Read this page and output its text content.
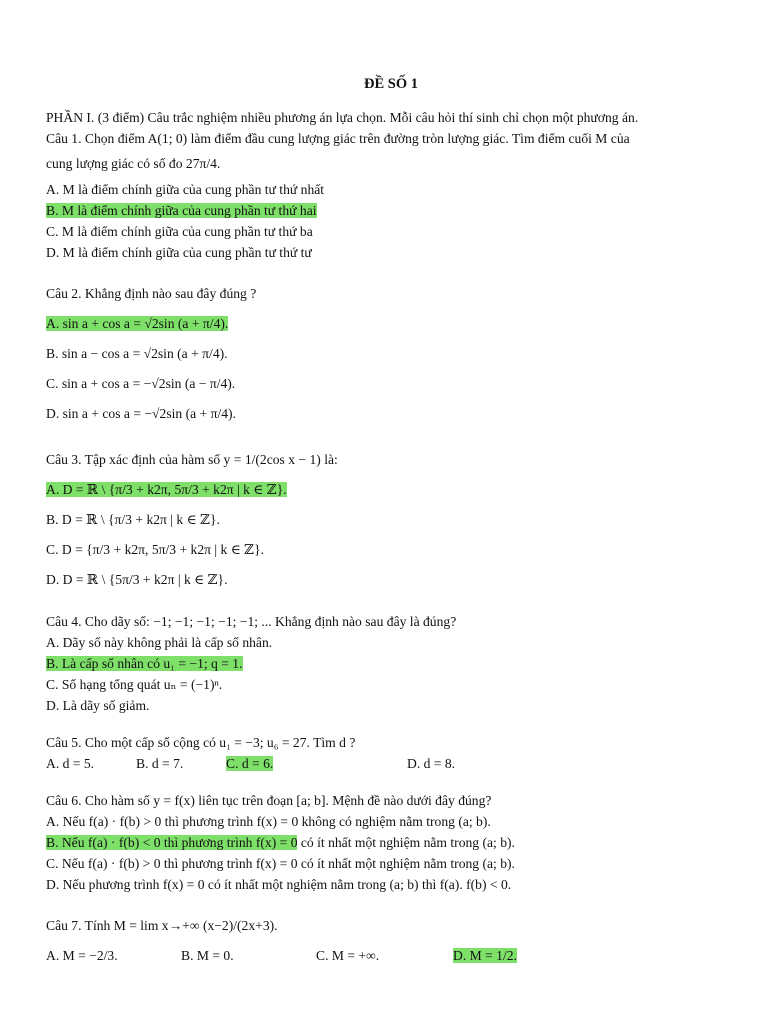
ĐỀ SỐ 1
PHẦN I. (3 điểm) Câu trắc nghiệm nhiều phương án lựa chọn. Mỗi câu hỏi thí sinh chỉ chọn một phương án.
Câu 1. Chọn điểm A(1; 0) làm điểm đầu cung lượng giác trên đường tròn lượng giác. Tìm điểm cuối M của
cung lượng giác có số đo 27π/4.
A. M là điểm chính giữa của cung phần tư thứ nhất
B. M là điểm chính giữa của cung phần tư thứ hai
C. M là điểm chính giữa của cung phần tư thứ ba
D. M là điểm chính giữa của cung phần tư thứ tư
Câu 2. Khẳng định nào sau đây đúng ?
A. sin a + cos a = √2sin (a + π/4).
B. sin a − cos a = √2sin (a + π/4).
C. sin a + cos a = −√2sin (a − π/4).
D. sin a + cos a = −√2sin (a + π/4).
Câu 3. Tập xác định của hàm số y = 1/(2cos x − 1) là:
A. D = ℝ \ {π/3 + k2π, 5π/3 + k2π | k ∈ ℤ}.
B. D = ℝ \ {π/3 + k2π | k ∈ ℤ}.
C. D = {π/3 + k2π, 5π/3 + k2π | k ∈ ℤ}.
D. D = ℝ \ {5π/3 + k2π | k ∈ ℤ}.
Câu 4. Cho dãy số: −1; −1; −1; −1; −1; ... Khẳng định nào sau đây là đúng?
A. Dãy số này không phải là cấp số nhân.
B. Là cấp số nhân có u₁ = −1; q = 1.
C. Số hạng tổng quát uₙ = (−1)ⁿ.
D. Là dãy số giảm.
Câu 5. Cho một cấp số cộng có u₁ = −3; u₆ = 27. Tìm d ?
A. d = 5.	B. d = 7.	C. d = 6.	D. d = 8.
Câu 6. Cho hàm số y = f(x) liên tục trên đoạn [a; b]. Mệnh đề nào dưới đây đúng?
A. Nếu f(a) · f(b) > 0 thì phương trình f(x) = 0 không có nghiệm nằm trong (a; b).
B. Nếu f(a) · f(b) < 0 thì phương trình f(x) = 0 có ít nhất một nghiệm nằm trong (a; b).
C. Nếu f(a) · f(b) > 0 thì phương trình f(x) = 0 có ít nhất một nghiệm nằm trong (a; b).
D. Nếu phương trình f(x) = 0 có ít nhất một nghiệm nằm trong (a; b) thì f(a). f(b) < 0.
Câu 7. Tính M = lim x→+∞ (x−2)/(2x+3).
A. M = −2/3.	B. M = 0.	C. M = +∞.	D. M = 1/2.
